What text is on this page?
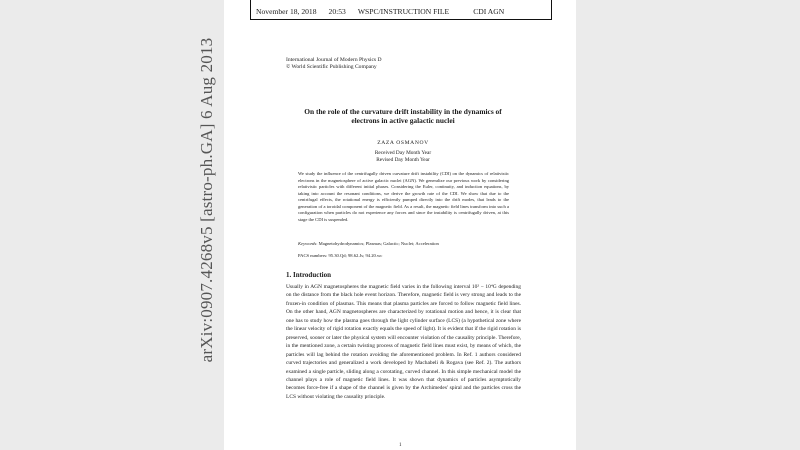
arXiv:0907.4268v5 [astro-ph.GA] 6 Aug 2013
November 18, 2018 20:53 WSPC/INSTRUCTION FILE	CDI AGN
International Journal of Modern Physics D
© World Scientific Publishing Company
On the role of the curvature drift instability in the dynamics of electrons in active galactic nuclei
ZAZA OSMANOV
Received Day Month Year
Revised Day Month Year
We study the influence of the centrifugally driven curvature drift instability (CDI) on the dynamics of relativistic electrons in the magnetosphere of active galactic nuclei (AGN). We generalize our previous work by considering relativistic particles with different initial phases. Considering the Euler, continuity, and induction equations, by taking into account the resonant conditions, we derive the growth rate of the CDI. We show that due to the centrifugal effects, the rotational energy is efficiently pumped directly into the drift modes, that leads to the generation of a toroidal component of the magnetic field. As a result, the magnetic field lines transform into such a configuration when particles do not experience any forces and since the instability is centrifugally driven, at this stage the CDI is suspended.
Keywords: Magnetohydrodynamics; Plasmas; Galactic; Nuclei; Acceleration
PACS numbers: 95.30.Qd; 98.62.Js; 94.20.wc
1. Introduction
Usually in AGN magnetospheres the magnetic field varies in the following interval 10² − 10⁴G depending on the distance from the black hole event horizon. Therefore, magnetic field is very strong and leads to the frozen-in condition of plasmas. This means that plasma particles are forced to follow magnetic field lines. On the other hand, AGN magnetospheres are characterized by rotational motion and hence, it is clear that one has to study how the plasma goes through the light cylinder surface (LCS) (a hypothetical zone where the linear velocity of rigid rotation exactly equals the speed of light). It is evident that if the rigid rotation is preserved, sooner or later the physical system will encounter violation of the causality principle. Therefore, in the mentioned zone, a certain twisting process of magnetic field lines must exist, by means of which, the particles will lag behind the rotation avoiding the aforementioned problem. In Ref. 1 authors considered curved trajectories and generalized a work developed by Machabeli & Rogava (see Ref. 2). The authors examined a single particle, sliding along a corotating, curved channel. In this simple mechanical model the channel plays a role of magnetic field lines. It was shown that dynamics of particles asymptotically becomes force-free if a shape of the channel is given by the Archimedes' spiral and the particles cross the LCS without violating the causality principle.
1
